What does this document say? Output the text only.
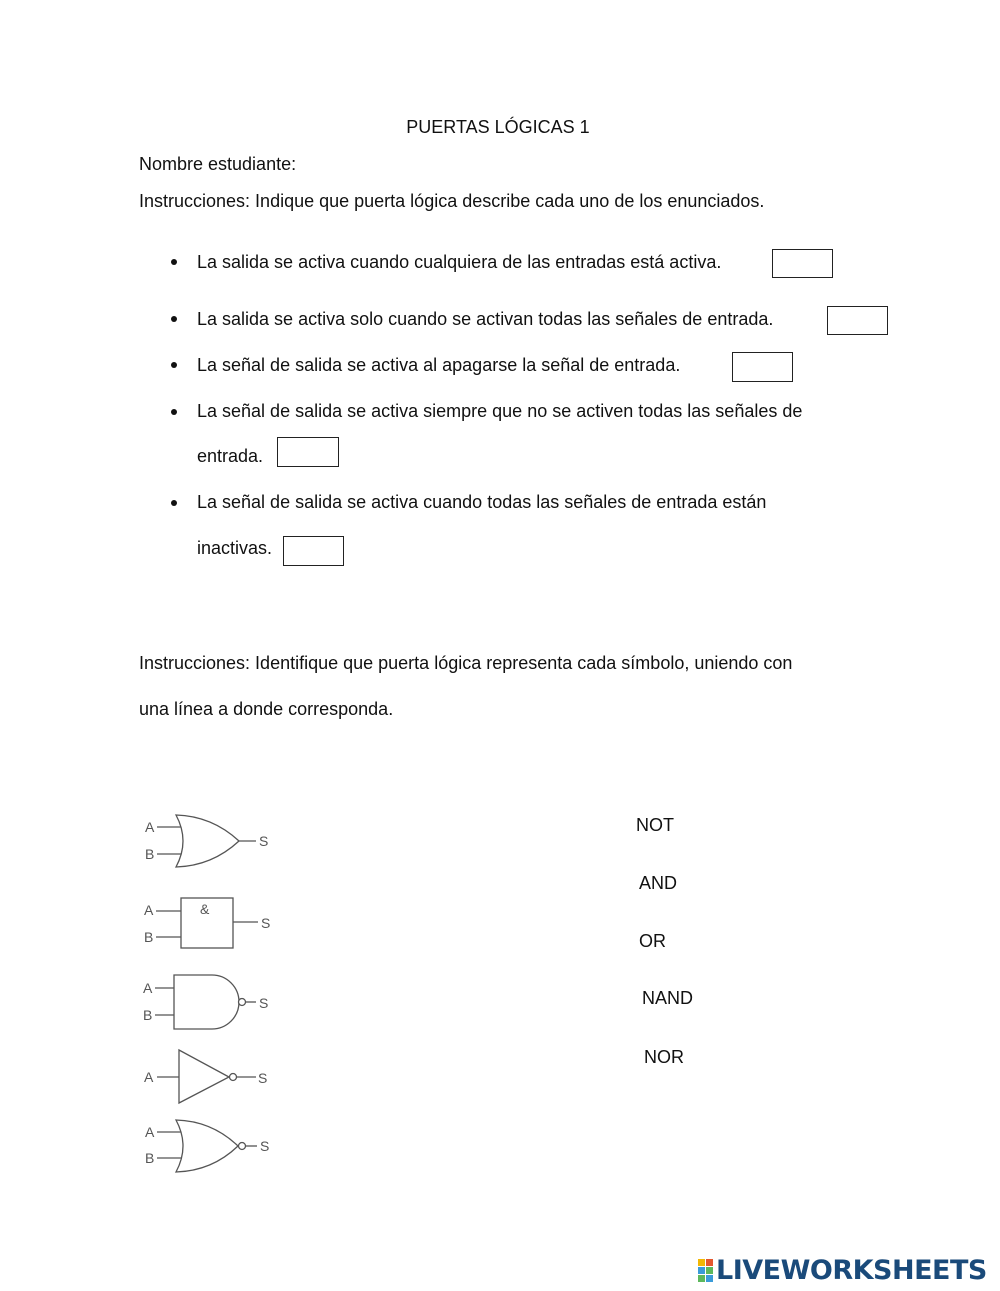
PUERTAS LÓGICAS 1
Nombre estudiante:
Instrucciones: Indique que puerta lógica describe cada uno de los enunciados.
La salida se activa cuando cualquiera de las entradas está activa.
La salida se activa solo cuando se activan todas las señales de entrada.
La señal de salida se activa al apagarse la señal de entrada.
La señal de salida se activa siempre que no se activen todas las señales de
entrada.
La señal de salida se activa cuando todas las señales de entrada están
inactivas.
Instrucciones: Identifique que puerta lógica representa cada símbolo, uniendo con
una línea a donde corresponda.
A
B
S
A
B
&
S
A
B
S
A	S
A
B
S
NOT
AND
OR
NAND
NOR
LIVEWORKSHEETS
